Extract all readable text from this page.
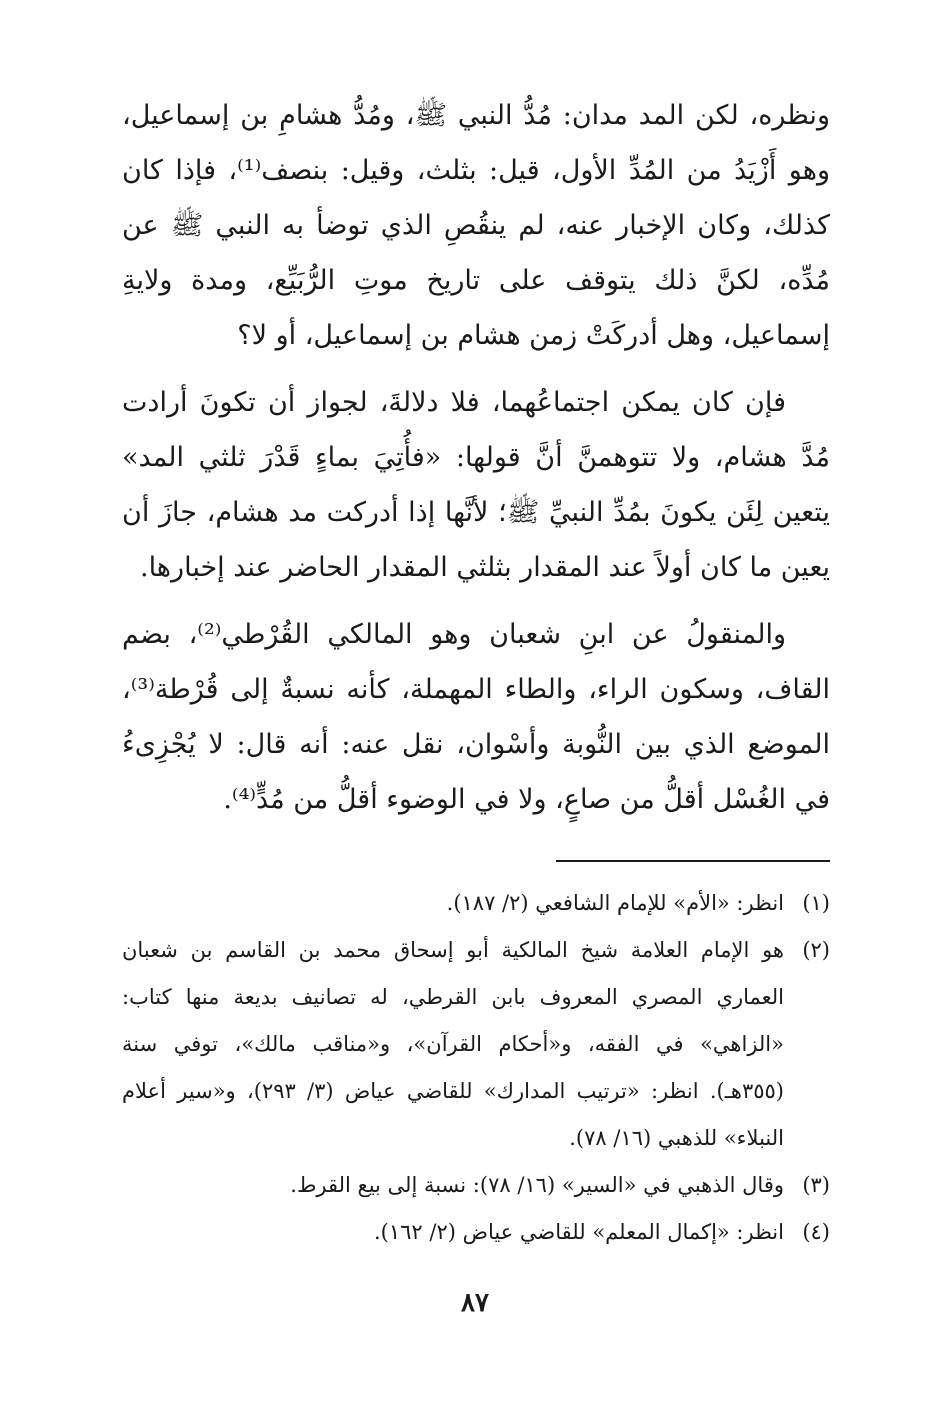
ونظره، لكن المد مدان: مُدُّ النبي ﷺ، ومُدُّ هشامِ بن إسماعيل، وهو أَزْيَدُ من المُدِّ الأول، قيل: بثلث، وقيل: بنصف⁽¹⁾، فإذا كان كذلك، وكان الإخبار عنه، لم ينقُصِ الذي توضأ به النبي ﷺ عن مُدِّه، لكنَّ ذلك يتوقف على تاريخ موتِ الرُّبَيِّع، ومدة ولايةِ إسماعيل، وهل أدركَتْ زمن هشام بن إسماعيل، أو لا؟

فإن كان يمكن اجتماعُهما، فلا دلالةَ، لجواز أن تكونَ أرادت مُدَّ هشام، ولا تتوهمنَّ أنَّ قولها: «فأُتِيَ بماءٍ قَدْرَ ثلثي المد» يتعين لِئَن يكونَ بمُدِّ النبيِّ ﷺ؛ لأنَّها إذا أدركت مد هشام، جازَ أن يعين ما كان أولاً عند المقدار بثلثي المقدار الحاضر عند إخبارها.

والمنقولُ عن ابنِ شعبان وهو المالكي القُرْطي⁽²⁾، بضم القاف، وسكون الراء، والطاء المهملة، كأنه نسبةٌ إلى قُرْطة⁽³⁾، الموضع الذي بين النُّوبة وأسْوان، نقل عنه: أنه قال: لا يُجْزِىءُ في الغُسْل أقلُّ من صاعٍ، ولا في الوضوء أقلُّ من مُدٍّ⁽⁴⁾.

(١)
انظر: «الأم» للإمام الشافعي (٢/ ١٨٧).
(٢)
هو الإمام العلامة شيخ المالكية أبو إسحاق محمد بن القاسم بن شعبان العماري المصري المعروف بابن القرطي، له تصانيف بديعة منها كتاب: «الزاهي» في الفقه، و«أحكام القرآن»، و«مناقب مالك»، توفي سنة (٣٥٥هـ). انظر: «ترتيب المدارك» للقاضي عياض (٣/ ٢٩٣)، و«سير أعلام النبلاء» للذهبي (١٦/ ٧٨).
(٣)
وقال الذهبي في «السير» (١٦/ ٧٨): نسبة إلى بيع القرط.
(٤)
انظر: «إكمال المعلم» للقاضي عياض (٢/ ١٦٢).
٨٧
